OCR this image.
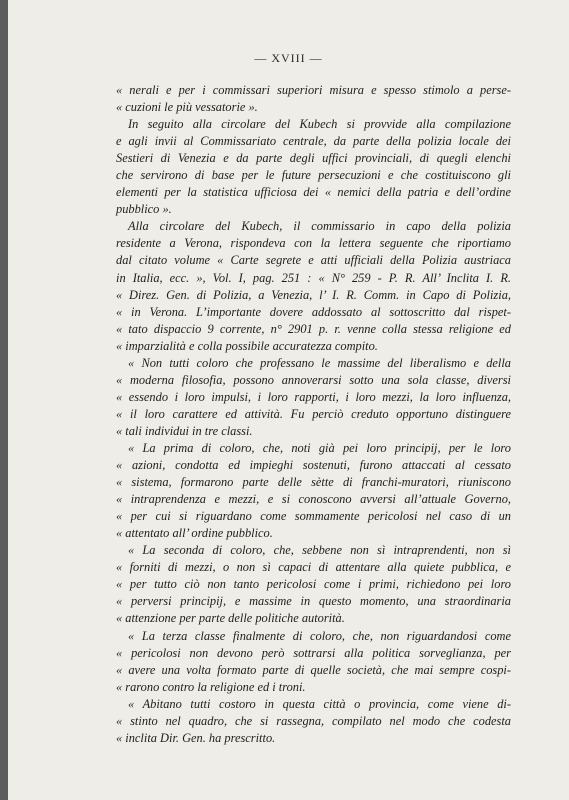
— XVIII —
« nerali e per i commissari superiori misura e spesso stimolo a perse-
« cuzioni le più vessatorie ».
In seguito alla circolare del Kubech si provvide alla compilazione
e agli invii al Commissariato centrale, da parte della polizia locale dei
Sestieri di Venezia e da parte degli uffici provinciali, di quegli elenchi
che servirono di base per le future persecuzioni e che costituiscono gli
elementi per la statistica ufficiosa dei « nemici della patria e dell’ordine
pubblico ».
Alla circolare del Kubech, il commissario in capo della polizia
residente a Verona, rispondeva con la lettera seguente che riportiamo
dal citato volume « Carte segrete e atti ufficiali della Polizia austriaca
in Italia, ecc. », Vol. I, pag. 251 : « N° 259 - P. R. All’ Inclita I. R.
« Direz. Gen. di Polizia, a Venezia, l’ I. R. Comm. in Capo di Polizia,
« in Verona. L’importante dovere addossato al sottoscritto dal rispet-
« tato dispaccio 9 corrente, n° 2901 p. r. venne colla stessa religione ed
« imparzialità e colla possibile accuratezza compito.
« Non tutti coloro che professano le massime del liberalismo e della
« moderna filosofia, possono annoverarsi sotto una sola classe, diversi
« essendo i loro impulsi, i loro rapporti, i loro mezzi, la loro influenza,
« il loro carattere ed attività. Fu perciò creduto opportuno distinguere
« tali individui in tre classi.
« La prima di coloro, che, noti già pei loro principij, per le loro
« azioni, condotta ed impieghi sostenuti, furono attaccati al cessato
« sistema, formarono parte delle sètte di franchi-muratori, riuniscono
« intraprendenza e mezzi, e si conoscono avversi all’attuale Governo,
« per cui si riguardano come sommamente pericolosi nel caso di un
« attentato all’ ordine pubblico.
« La seconda di coloro, che, sebbene non sì intraprendenti, non sì
« forniti di mezzi, o non sì capaci di attentare alla quiete pubblica, e
« per tutto ciò non tanto pericolosi come i primi, richiedono pei loro
« perversi principij, e massime in questo momento, una straordinaria
« attenzione per parte delle politiche autorità.
« La terza classe finalmente di coloro, che, non riguardandosi come
« pericolosi non devono però sottrarsi alla politica sorveglianza, per
« avere una volta formato parte di quelle società, che mai sempre cospi-
« rarono contro la religione ed i troni.
« Abitano tutti costoro in questa città o provincia, come viene di-
« stinto nel quadro, che si rassegna, compilato nel modo che codesta
« inclita Dir. Gen. ha prescritto.
